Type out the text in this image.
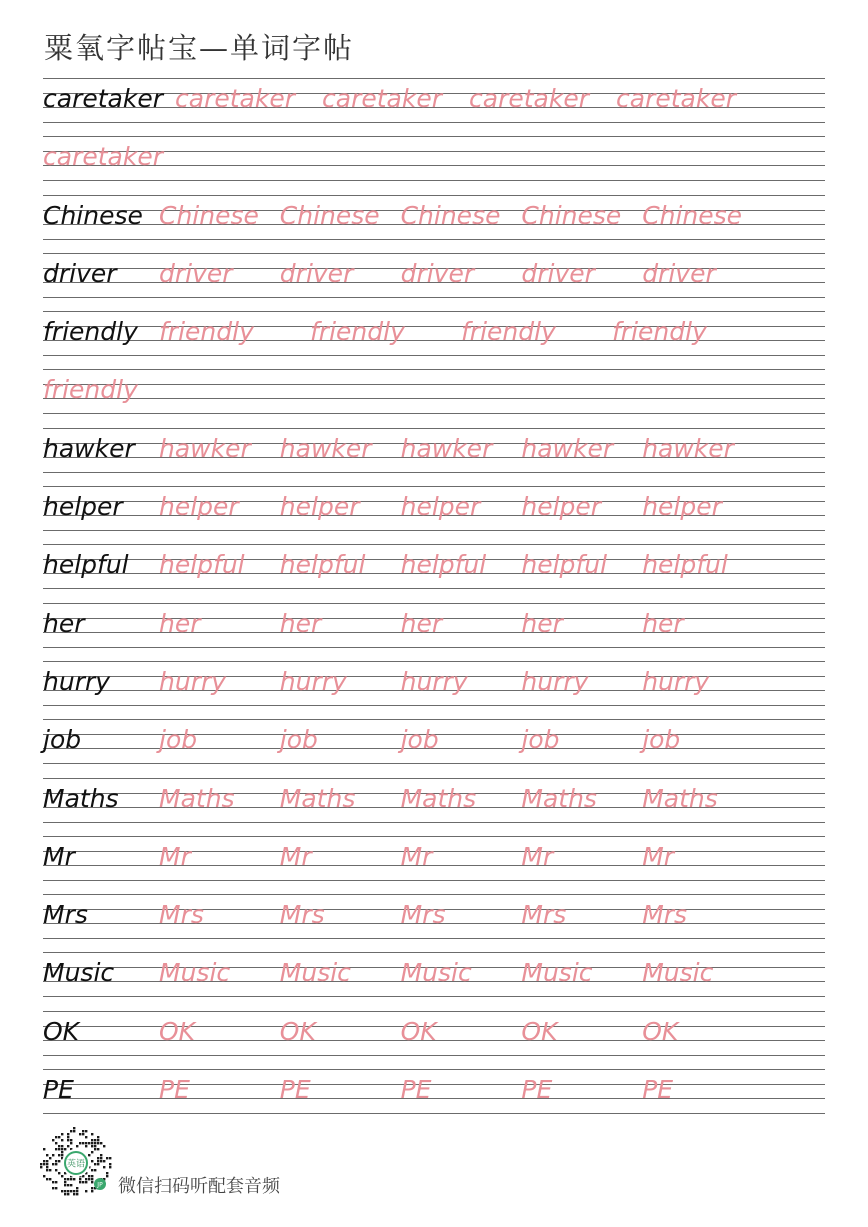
粟氧字帖宝—单词字帖
caretaker caretaker caretaker caretaker caretaker
caretaker
Chinese Chinese Chinese Chinese Chinese Chinese
driver driver driver driver driver driver
friendly friendly friendly friendly friendly
friendly
hawker hawker hawker hawker hawker hawker
helper helper helper helper helper helper
helpful helpful helpful helpful helpful helpful
her	her	her	her	her	her
hurry hurry hurry hurry hurry hurry
job	job	job	job	job	job
Maths Maths Maths Maths Maths Maths
Mr	Mr	Mr	Mr	Mr	Mr
Mrs	Mrs	Mrs	Mrs	Mrs	Mrs
Music Music Music Music Music Music
OK	OK	OK	OK	OK	OK
PE	PE	PE	PE	PE	PE
英语
JP 微信扫码听配套音频
